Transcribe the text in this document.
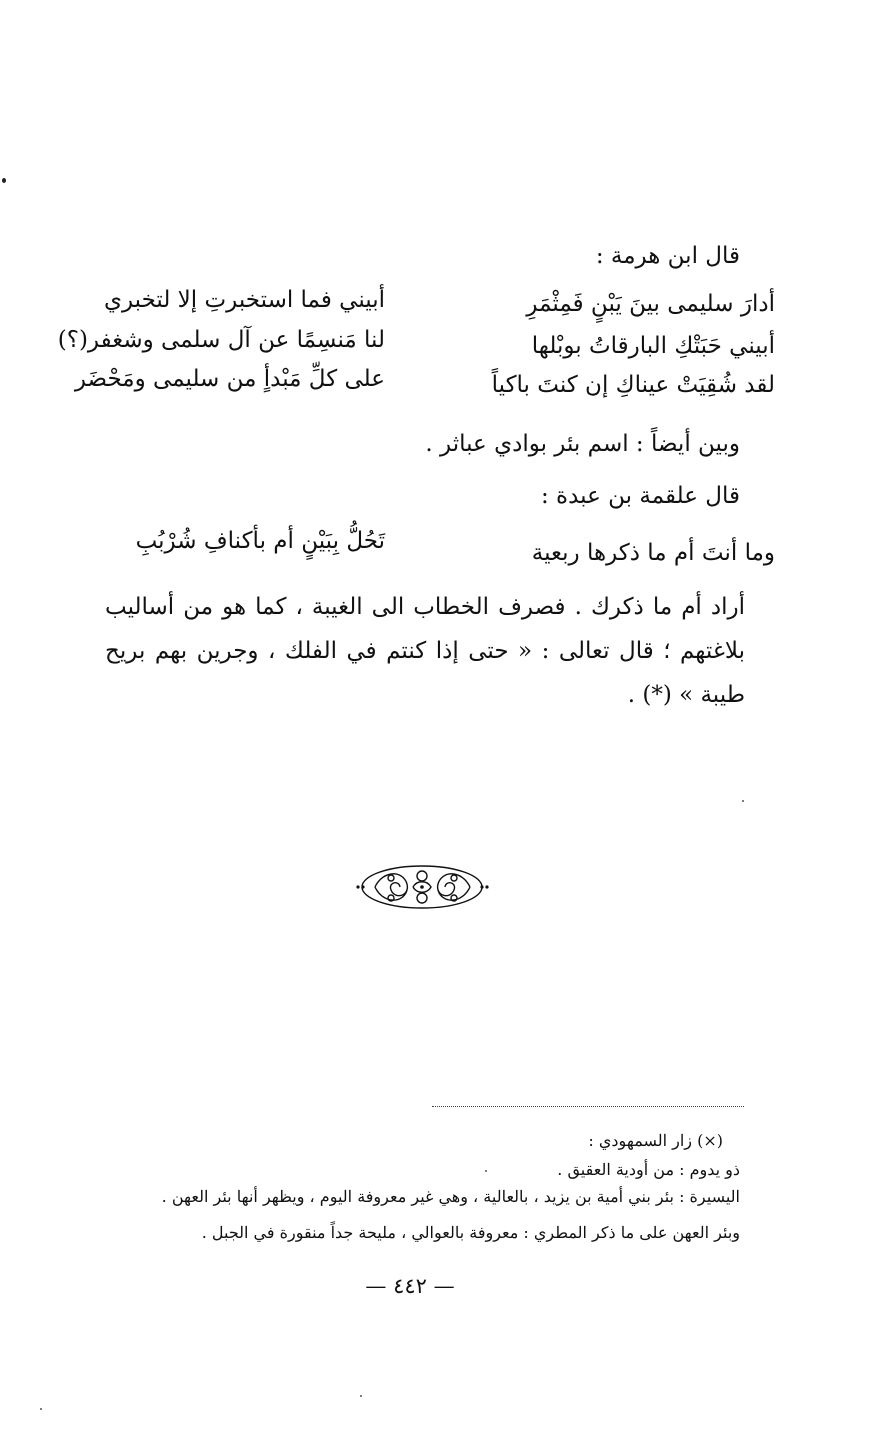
قال ابن هرمة :
أدارَ سليمى بينَ يَبْنٍ فَمِثْمَرِ
أبيني فما استخبرتِ إلا لتخبري
أبيني حَبَتْكِ البارقاتُ بوبْلها
لنا مَنسِمًا عن آل سلمى وشغفر(؟)
لقد شُقِيَتْ عيناكِ إن كنتَ باكياً
على كلِّ مَبْدأٍ من سليمى ومَحْضَر
وبين أيضاً : اسم بئر بوادي عباثر .
قال علقمة بن عبدة :
وما أنتَ أم ما ذكرها ربعية
تَحُلُّ بِبَيْنٍ أم بأكنافِ شُرْبُبِ
أراد أم ما ذكرك . فصرف الخطاب الى الغيبة ، كما هو من أساليب بلاغتهم ؛ قال تعالى : « حتى إذا كنتم في الفلك ، وجرين بهم بريح طيبة » (*) .
(×) زار السمهودي :
ذو يدوم : من أودية العقيق .
اليسيرة : بئر بني أمية بن يزيد ، بالعالية ، وهي غير معروفة اليوم ، ويظهر أنها بئر العهن .
وبئر العهن على ما ذكر المطري : معروفة بالعوالي ، مليحة جداً منقورة في الجبل .
— ٤٤٢ —
